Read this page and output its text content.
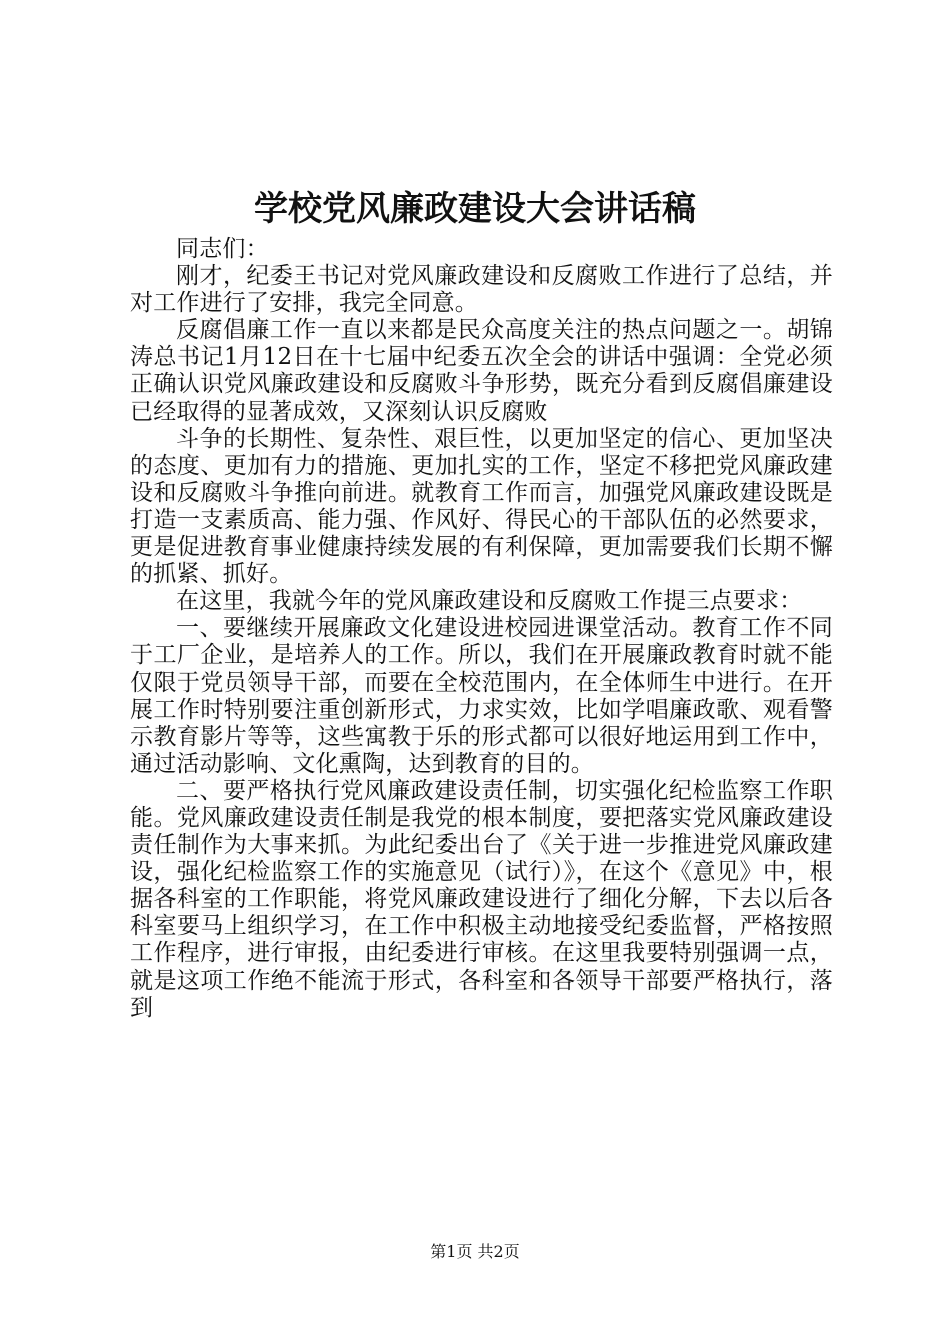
学校党风廉政建设大会讲话稿

同志们：

刚才，纪委王书记对党风廉政建设和反腐败工作进行了总结，并对工作进行了安排，我完全同意。

反腐倡廉工作一直以来都是民众高度关注的热点问题之一。胡锦涛总书记1月12日在十七届中纪委五次全会的讲话中强调：全党必须正确认识党风廉政建设和反腐败斗争形势，既充分看到反腐倡廉建设已经取得的显著成效，又深刻认识反腐败

斗争的长期性、复杂性、艰巨性，以更加坚定的信心、更加坚决的态度、更加有力的措施、更加扎实的工作，坚定不移把党风廉政建设和反腐败斗争推向前进。就教育工作而言，加强党风廉政建设既是打造一支素质高、能力强、作风好、得民心的干部队伍的必然要求，更是促进教育事业健康持续发展的有利保障，更加需要我们长期不懈的抓紧、抓好。

在这里，我就今年的党风廉政建设和反腐败工作提三点要求：

一、要继续开展廉政文化建设进校园进课堂活动。教育工作不同于工厂企业，是培养人的工作。所以，我们在开展廉政教育时就不能仅限于党员领导干部，而要在全校范围内，在全体师生中进行。在开展工作时特别要注重创新形式，力求实效，比如学唱廉政歌、观看警示教育影片等等，这些寓教于乐的形式都可以很好地运用到工作中，通过活动影响、文化熏陶，达到教育的目的。

二、要严格执行党风廉政建设责任制，切实强化纪检监察工作职能。党风廉政建设责任制是我党的根本制度，要把落实党风廉政建设责任制作为大事来抓。为此纪委出台了《关于进一步推进党风廉政建设，强化纪检监察工作的实施意见（试行）》，在这个《意见》中，根据各科室的工作职能，将党风廉政建设进行了细化分解，下去以后各科室要马上组织学习，在工作中积极主动地接受纪委监督，严格按照工作程序，进行审报，由纪委进行审核。在这里我要特别强调一点，就是这项工作绝不能流于形式，各科室和各领导干部要严格执行，落到

第1页 共2页
